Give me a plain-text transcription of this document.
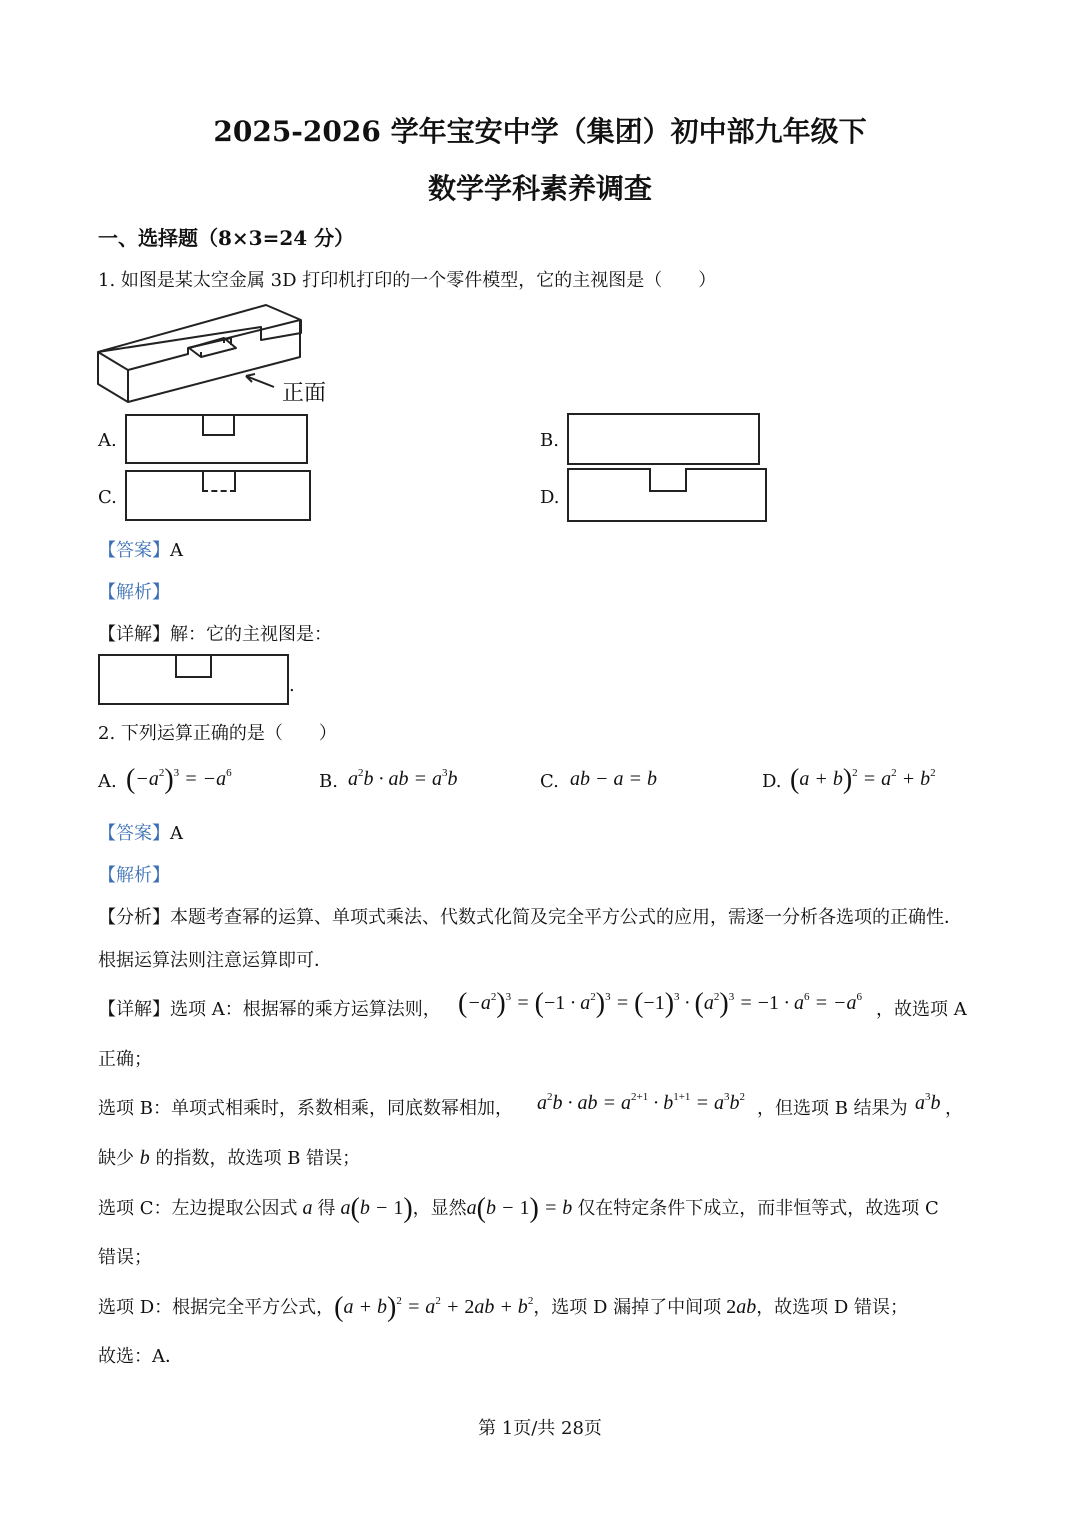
2025-2026 学年宝安中学（集团）初中部九年级下
数学学科素养调查
一、选择题（8×3=24 分）
1. 如图是某太空金属 3D 打印机打印的一个零件模型，它的主视图是（　　）
正面
A.	B.
C.	D.
【答案】A
【解析】
【详解】解：它的主视图是：
.
2. 下列运算正确的是（　　）
A. $(-a^2)^3 = -a^6$	B. $a^2b$ · ab = $a^3b$	C. ab − a = b	D. $(a + b)^2 = a^2 + b^2$
【答案】A
【解析】
【分析】本题考查幂的运算、单项式乘法、代数式化简及完全平方公式的应用，需逐一分析各选项的正确性．
根据运算法则注意运算即可．
【详解】选项 A：根据幂的乘方运算法则， $(-a^2)^3 = (-1 \cdot a^2)^3 = (-1)^3 \cdot (a^2)^3 = -1 \cdot a^6 = -a^6$
，故选项 A
正确；
选项 B：单项式相乘时，系数相乘，同底数幂相加， $a^2b$ · ab = $a^{2+1} \cdot b^{1+1} = a^3b^2$
，但选项 B 结果为 $a^3b$ ，
缺少 b 的指数，故选项 B 错误；
选项 C：左边提取公因式 a 得 a(b − 1)，显然a(b − 1) = b 仅在特定条件下成立，而非恒等式，故选项 C
错误；
选项 D：根据完全平方公式，$(a + b)^2 = a^2 + 2ab + b^2$，选项 D 漏掉了中间项 2ab，故选项 D 错误；
故选：A．
第 1页/共 28页
